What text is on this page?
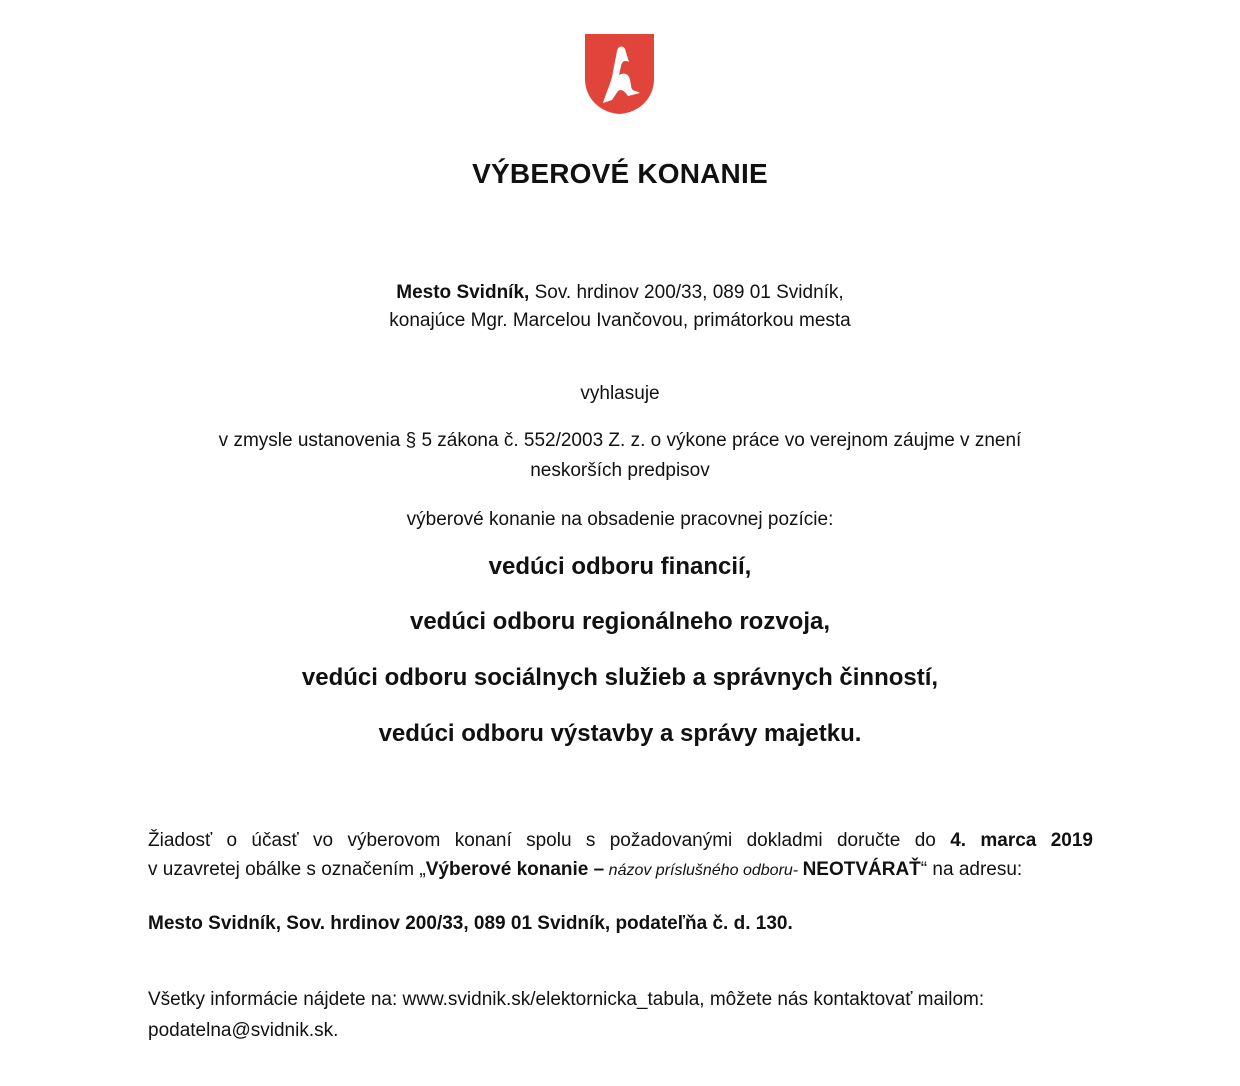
VÝBEROVÉ KONANIE
Mesto Svidník, Sov. hrdinov 200/33, 089 01 Svidník,
konajúce Mgr. Marcelou Ivančovou, primátorkou mesta
vyhlasuje
v zmysle ustanovenia § 5 zákona č. 552/2003 Z. z. o výkone práce vo verejnom záujme v znení
neskorších predpisov
výberové konanie na obsadenie pracovnej pozície:
vedúci odboru financií,
vedúci odboru regionálneho rozvoja,
vedúci odboru sociálnych služieb a správnych činností,
vedúci odboru výstavby a správy majetku.
Žiadosť o účasť vo výberovom konaní spolu s požadovanými dokladmi doručte do 4. marca 2019
v uzavretej obálke s označením „Výberové konanie – názov príslušného odboru- NEOTVÁRAŤ“ na adresu:
Mesto Svidník, Sov. hrdinov 200/33, 089 01 Svidník, podateľňa č. d. 130.
Všetky informácie nájdete na: www.svidnik.sk/elektornicka_tabula, môžete nás kontaktovať mailom:
podatelna@svidnik.sk.
